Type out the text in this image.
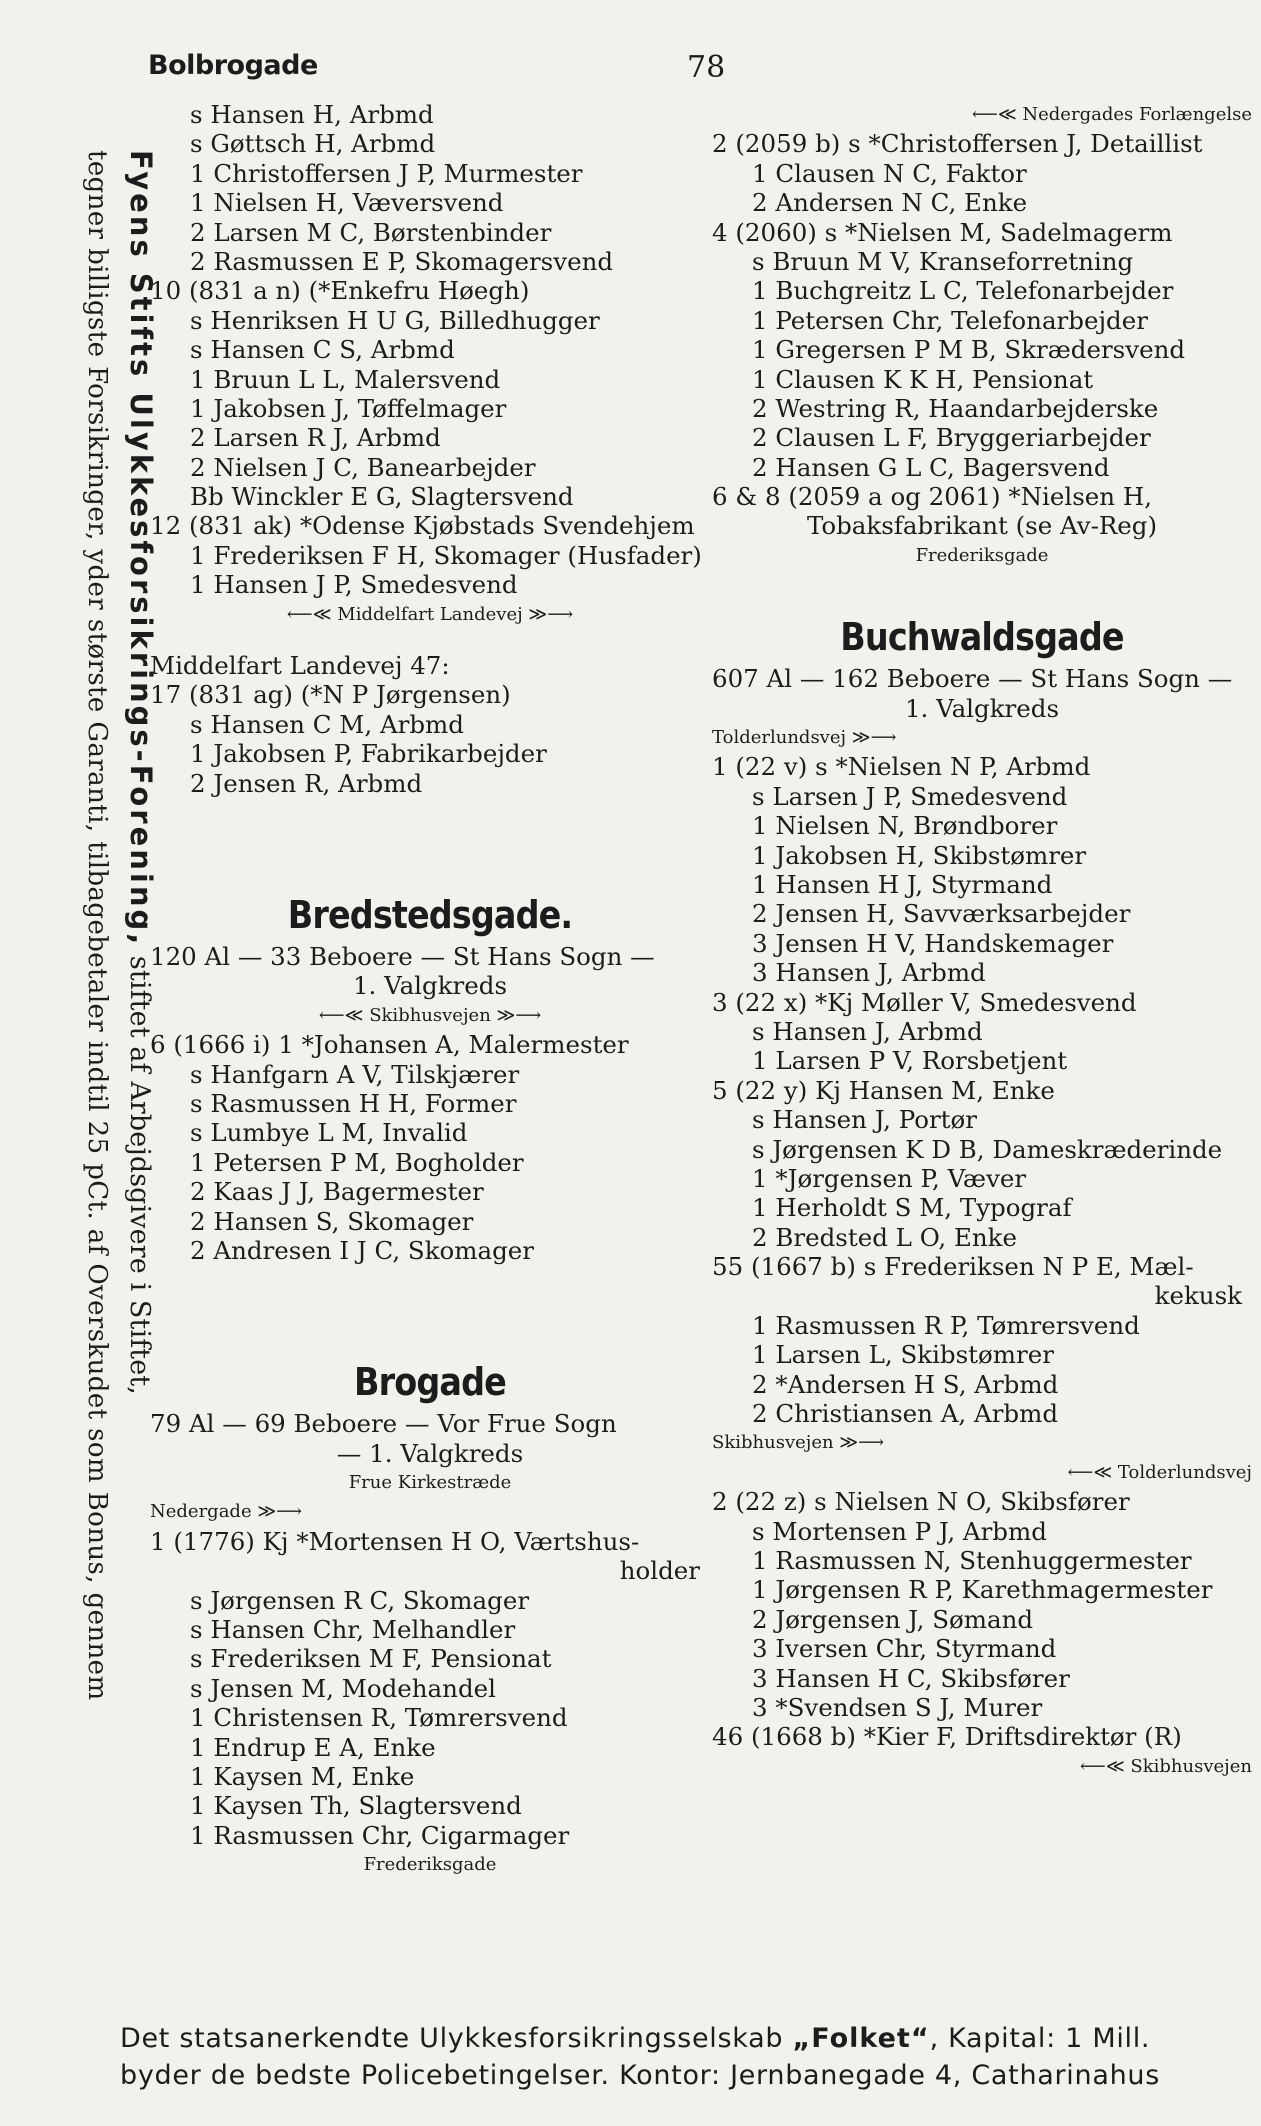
Bolbrogade	78
Fyens Stifts Ulykkesforsikrings-Forening, stiftet af Arbejdsgivere i Stiftet,
tegner billigste Forsikringer, yder største Garanti, tilbagebetaler indtil 25 pCt. af Overskudet som Bonus, gennem
s Hansen H, Arbmd
s Gøttsch H, Arbmd
1 Christoffersen J P, Murmester
1 Nielsen H, Væversvend
2 Larsen M C, Børstenbinder
2 Rasmussen E P, Skomagersvend
10 (831 a n) (*Enkefru Høegh)
s Henriksen H U G, Billedhugger
s Hansen C S, Arbmd
1 Bruun L L, Malersvend
1 Jakobsen J, Tøffelmager
2 Larsen R J, Arbmd
2 Nielsen J C, Banearbejder
Bb Winckler E G, Slagtersvend
12 (831 ak) *Odense Kjøbstads Svendehjem
1 Frederiksen F H, Skomager (Husfader)
1 Hansen J P, Smedesvend
⟵≪ Middelfart Landevej ≫⟶
Middelfart Landevej 47:
17 (831 ag) (*N P Jørgensen)
s Hansen C M, Arbmd
1 Jakobsen P, Fabrikarbejder
2 Jensen R, Arbmd
Bredstedsgade.
120 Al — 33 Beboere — St Hans Sogn —
1. Valgkreds
⟵≪ Skibhusvejen ≫⟶
6 (1666 i) 1 *Johansen A, Malermester
s Hanfgarn A V, Tilskjærer
s Rasmussen H H, Former
s Lumbye L M, Invalid
1 Petersen P M, Bogholder
2 Kaas J J, Bagermester
2 Hansen S, Skomager
2 Andresen I J C, Skomager
Brogade
79 Al — 69 Beboere — Vor Frue Sogn
— 1. Valgkreds
Frue Kirkestræde
Nedergade ≫⟶
1 (1776) Kj *Mortensen H O, Værtshus-
holder
s Jørgensen R C, Skomager
s Hansen Chr, Melhandler
s Frederiksen M F, Pensionat
s Jensen M, Modehandel
1 Christensen R, Tømrersvend
1 Endrup E A, Enke
1 Kaysen M, Enke
1 Kaysen Th, Slagtersvend
1 Rasmussen Chr, Cigarmager
Frederiksgade
⟵≪ Nedergades Forlængelse
2 (2059 b) s *Christoffersen J, Detaillist
1 Clausen N C, Faktor
2 Andersen N C, Enke
4 (2060) s *Nielsen M, Sadelmagerm
s Bruun M V, Kranseforretning
1 Buchgreitz L C, Telefonarbejder
1 Petersen Chr, Telefonarbejder
1 Gregersen P M B, Skrædersvend
1 Clausen K K H, Pensionat
2 Westring R, Haandarbejderske
2 Clausen L F, Bryggeriarbejder
2 Hansen G L C, Bagersvend
6 & 8 (2059 a og 2061) *Nielsen H,
Tobaksfabrikant (se Av-Reg)
Frederiksgade
Buchwaldsgade
607 Al — 162 Beboere — St Hans Sogn —
1. Valgkreds
Tolderlundsvej ≫⟶
1 (22 v) s *Nielsen N P, Arbmd
s Larsen J P, Smedesvend
1 Nielsen N, Brøndborer
1 Jakobsen H, Skibstømrer
1 Hansen H J, Styrmand
2 Jensen H, Savværksarbejder
3 Jensen H V, Handskemager
3 Hansen J, Arbmd
3 (22 x) *Kj Møller V, Smedesvend
s Hansen J, Arbmd
1 Larsen P V, Rorsbetjent
5 (22 y) Kj Hansen M, Enke
s Hansen J, Portør
s Jørgensen K D B, Dameskræderinde
1 *Jørgensen P, Væver
1 Herholdt S M, Typograf
2 Bredsted L O, Enke
55 (1667 b) s Frederiksen N P E, Mæl-
kekusk
1 Rasmussen R P, Tømrersvend
1 Larsen L, Skibstømrer
2 *Andersen H S, Arbmd
2 Christiansen A, Arbmd
Skibhusvejen ≫⟶
⟵≪ Tolderlundsvej
2 (22 z) s Nielsen N O, Skibsfører
s Mortensen P J, Arbmd
1 Rasmussen N, Stenhuggermester
1 Jørgensen R P, Karethmagermester
2 Jørgensen J, Sømand
3 Iversen Chr, Styrmand
3 Hansen H C, Skibsfører
3 *Svendsen S J, Murer
46 (1668 b) *Kier F, Driftsdirektør (R)
⟵≪ Skibhusvejen
Det statsanerkendte Ulykkesforsikringsselskab „Folket“, Kapital: 1 Mill.
byder de bedste Policebetingelser. Kontor: Jernbanegade 4, Catharinahus
